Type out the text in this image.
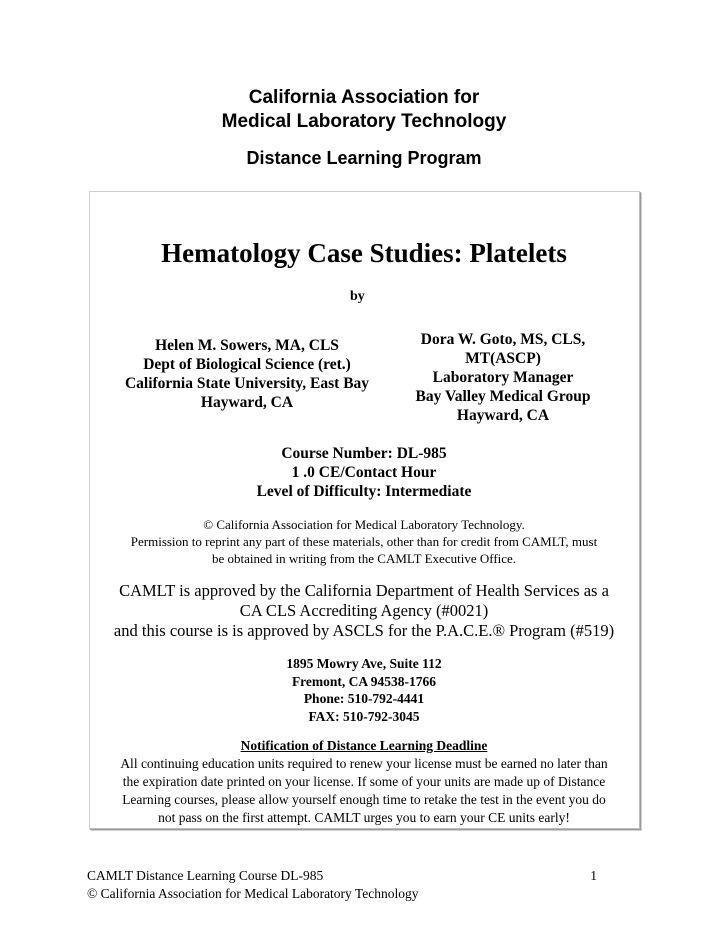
California Association for
Medical Laboratory Technology
Distance Learning Program
Hematology Case Studies: Platelets
by
Helen M. Sowers, MA, CLS
Dept of Biological Science (ret.)
California State University, East Bay
Hayward, CA
Dora W. Goto, MS, CLS,
MT(ASCP)
Laboratory Manager
Bay Valley Medical Group
Hayward, CA
Course Number: DL-985
1 .0 CE/Contact Hour
Level of Difficulty: Intermediate
© California Association for Medical Laboratory Technology.
Permission to reprint any part of these materials, other than for credit from CAMLT, must
be obtained in writing from the CAMLT Executive Office.
CAMLT is approved by the California Department of Health Services as a
CA CLS Accrediting Agency (#0021)
and this course is is approved by ASCLS for the P.A.C.E.® Program (#519)
1895 Mowry Ave, Suite 112
Fremont, CA 94538-1766
Phone: 510-792-4441
FAX: 510-792-3045
Notification of Distance Learning Deadline
All continuing education units required to renew your license must be earned no later than
the expiration date printed on your license. If some of your units are made up of Distance
Learning courses, please allow yourself enough time to retake the test in the event you do
not pass on the first attempt. CAMLT urges you to earn your CE units early!
CAMLT Distance Learning Course DL-985	1
© California Association for Medical Laboratory Technology
